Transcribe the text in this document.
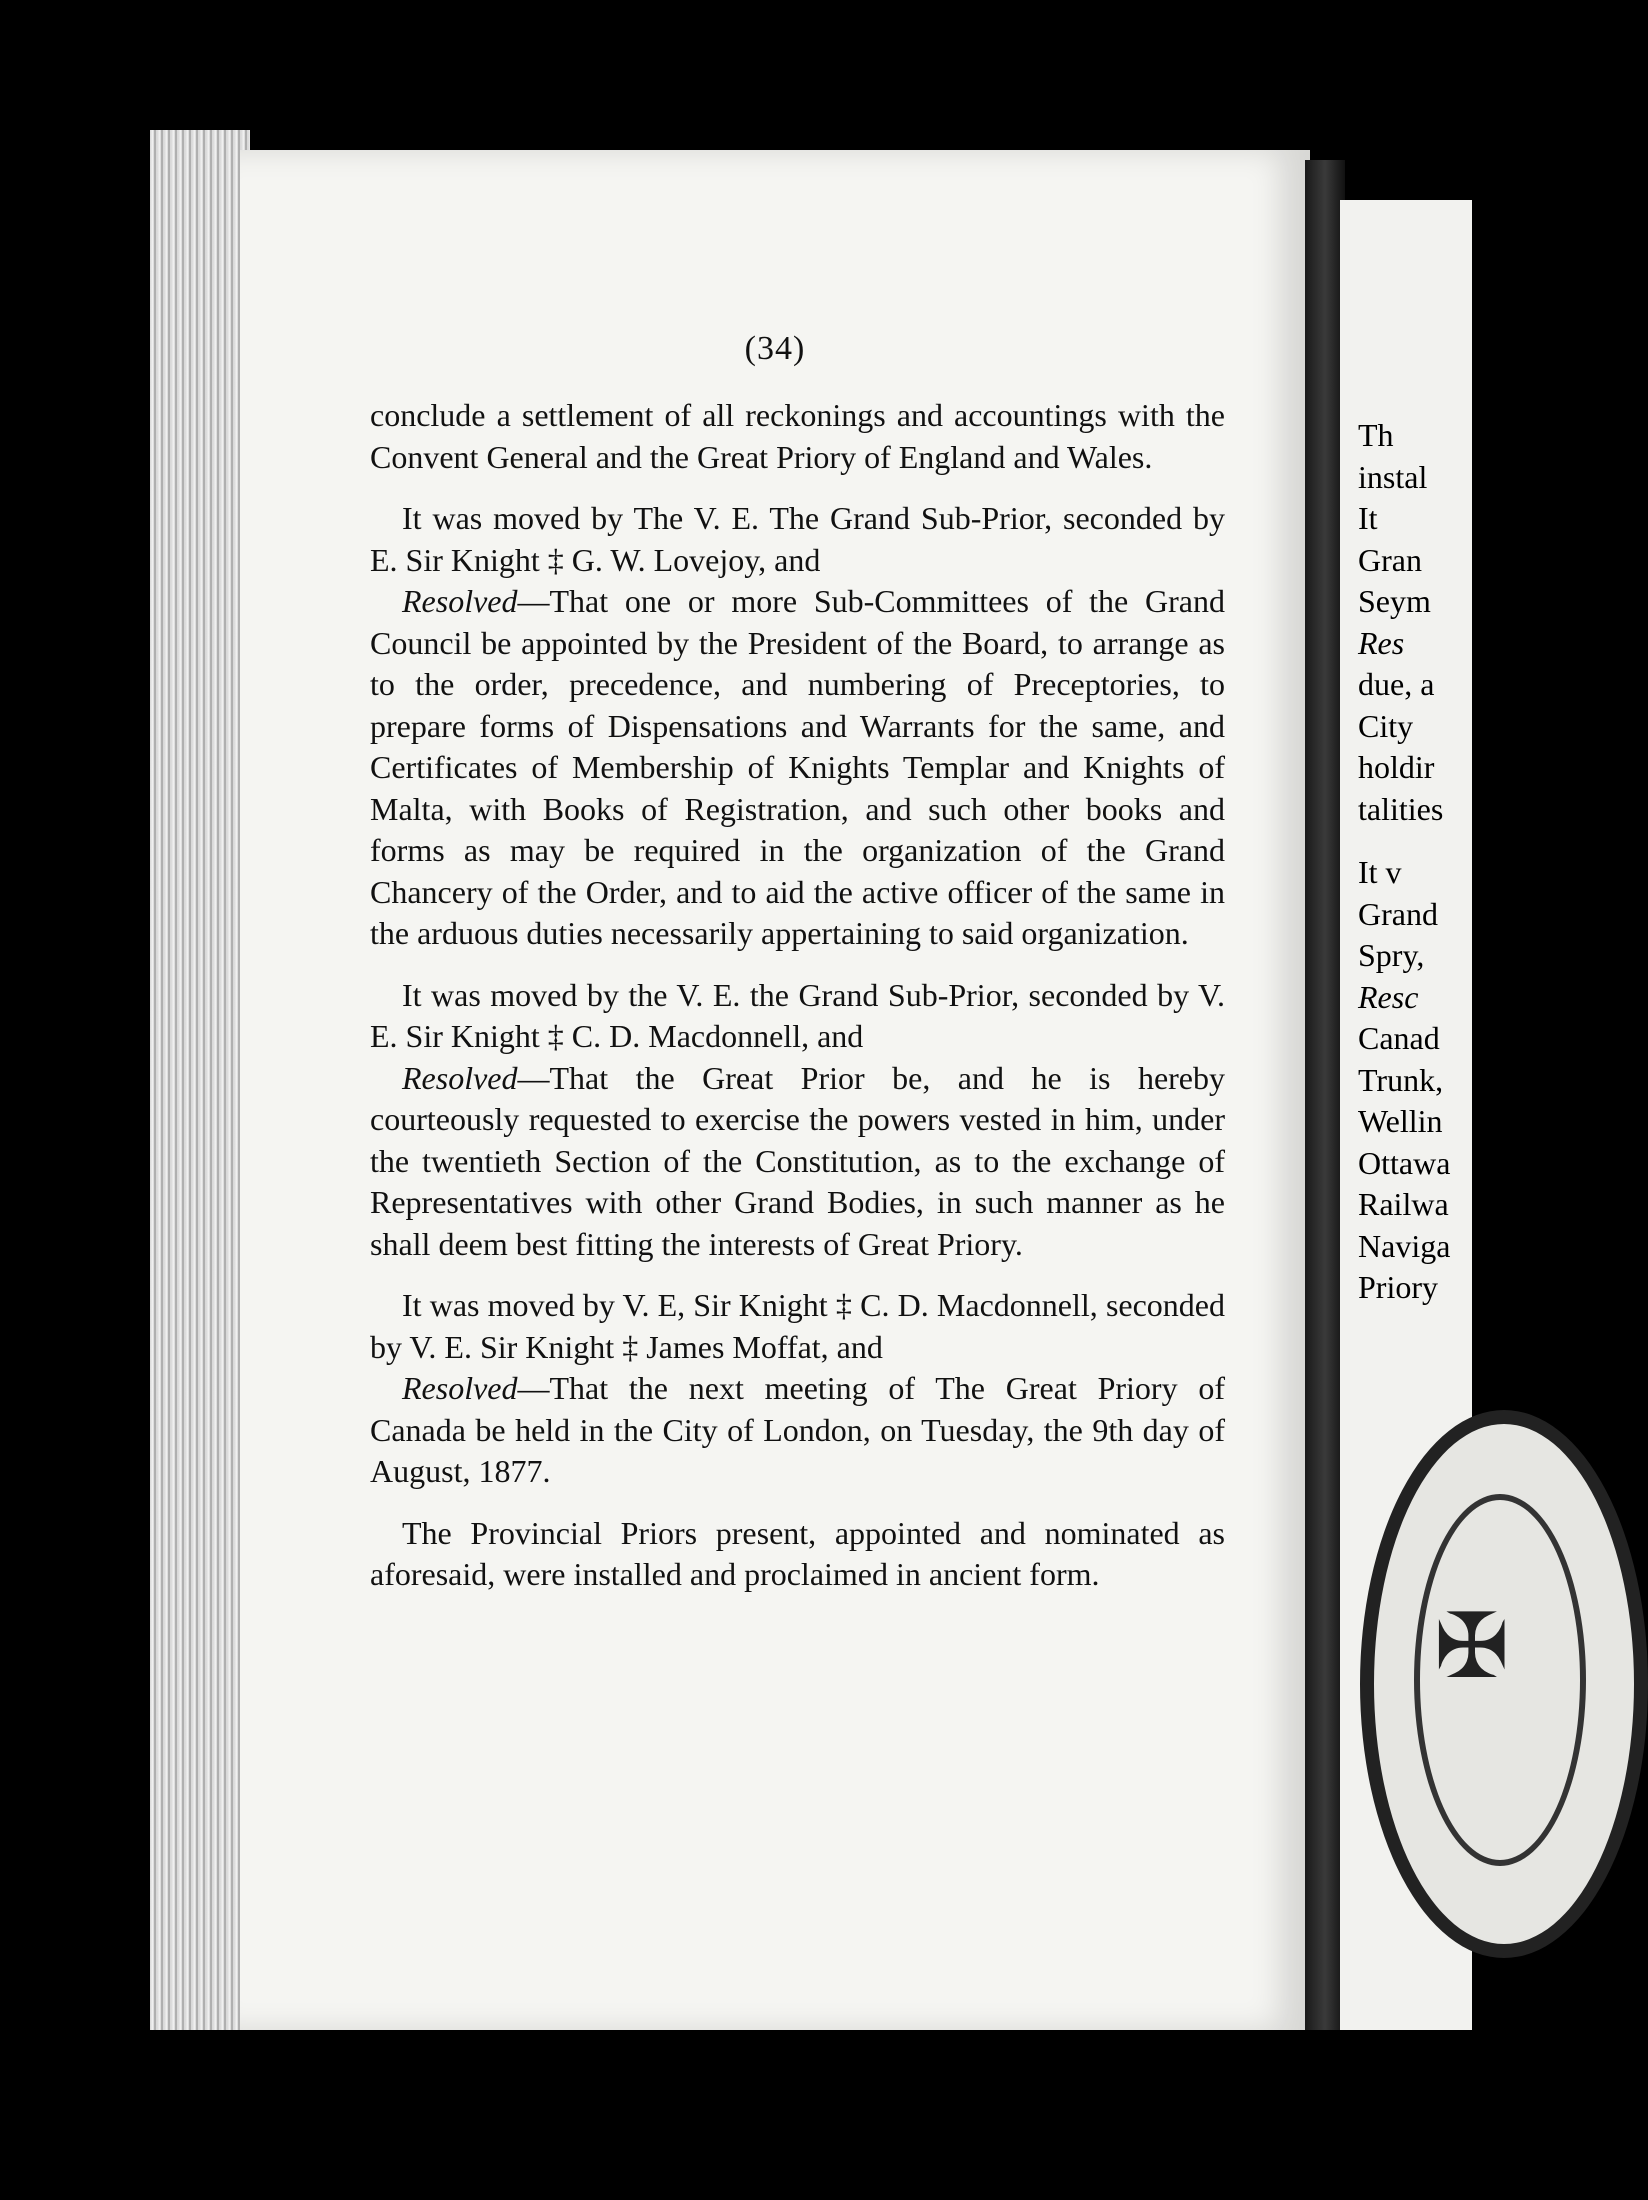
(34)

conclude a settlement of all reckonings and accountings with the Convent General and the Great Priory of England and Wales.

It was moved by The V. E. The Grand Sub-Prior, seconded by E. Sir Knight ‡ G. W. Lovejoy, and
Resolved—That one or more Sub-Committees of the Grand Council be appointed by the President of the Board, to arrange as to the order, precedence, and numbering of Preceptories, to prepare forms of Dispensations and Warrants for the same, and Certificates of Membership of Knights Templar and Knights of Malta, with Books of Registration, and such other books and forms as may be required in the organization of the Grand Chancery of the Order, and to aid the active officer of the same in the arduous duties necessarily appertaining to said organization.
It was moved by the V. E. the Grand Sub-Prior, seconded by V. E. Sir Knight ‡ C. D. Macdonnell, and
Resolved—That the Great Prior be, and he is hereby courteously requested to exercise the powers vested in him, under the twentieth Section of the Constitution, as to the exchange of Representatives with other Grand Bodies, in such manner as he shall deem best fitting the interests of Great Priory.
It was moved by V. E, Sir Knight ‡ C. D. Macdonnell, seconded by V. E. Sir Knight ‡ James Moffat, and
Resolved—That the next meeting of The Great Priory of Canada be held in the City of London, on Tuesday, the 9th day of August, 1877.
The Provincial Priors present, appointed and nominated as aforesaid, were installed and proclaimed in ancient form.
Th
instal
It
Gran
Seym
Res
due, a
City
holdir
talities
It v
Grand
Spry,
Resc
Canad
Trunk,
Wellin
Ottawa
Railwa
Naviga
Priory
✠
